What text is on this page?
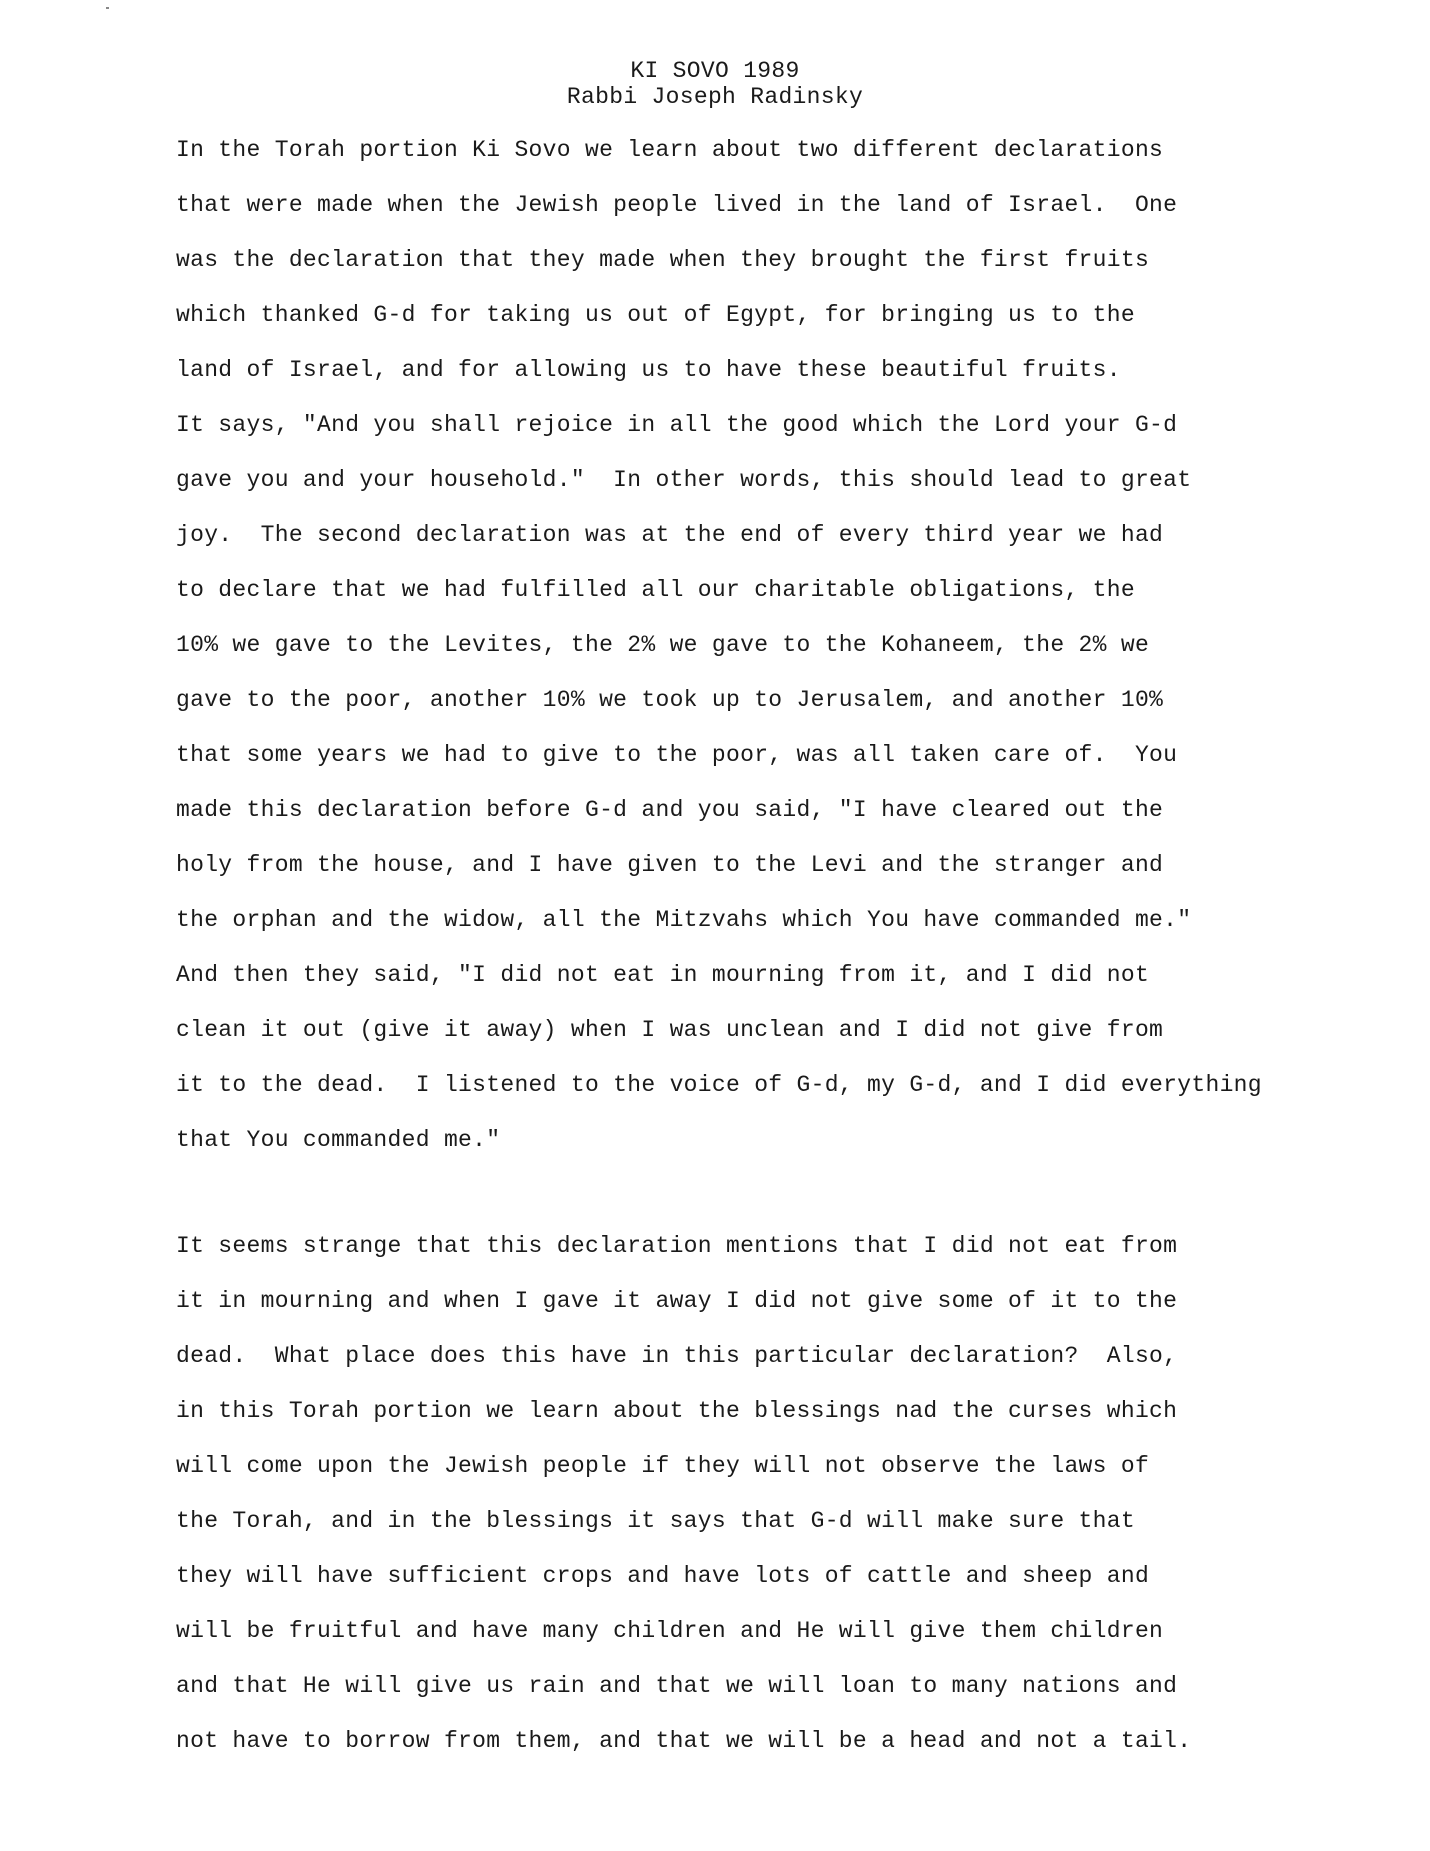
KI SOVO 1989
Rabbi Joseph Radinsky
In the Torah portion Ki Sovo we learn about two different declarations
that were made when the Jewish people lived in the land of Israel.  One
was the declaration that they made when they brought the first fruits
which thanked G-d for taking us out of Egypt, for bringing us to the
land of Israel, and for allowing us to have these beautiful fruits.
It says, "And you shall rejoice in all the good which the Lord your G-d
gave you and your household."  In other words, this should lead to great
joy.  The second declaration was at the end of every third year we had
to declare that we had fulfilled all our charitable obligations, the
10% we gave to the Levites, the 2% we gave to the Kohaneem, the 2% we
gave to the poor, another 10% we took up to Jerusalem, and another 10%
that some years we had to give to the poor, was all taken care of.  You
made this declaration before G-d and you said, "I have cleared out the
holy from the house, and I have given to the Levi and the stranger and
the orphan and the widow, all the Mitzvahs which You have commanded me."
And then they said, "I did not eat in mourning from it, and I did not
clean it out (give it away) when I was unclean and I did not give from
it to the dead.  I listened to the voice of G-d, my G-d, and I did everything
that You commanded me."
It seems strange that this declaration mentions that I did not eat from
it in mourning and when I gave it away I did not give some of it to the
dead.  What place does this have in this particular declaration?  Also,
in this Torah portion we learn about the blessings nad the curses which
will come upon the Jewish people if they will not observe the laws of
the Torah, and in the blessings it says that G-d will make sure that
they will have sufficient crops and have lots of cattle and sheep and
will be fruitful and have many children and He will give them children
and that He will give us rain and that we will loan to many nations and
not have to borrow from them, and that we will be a head and not a tail.
